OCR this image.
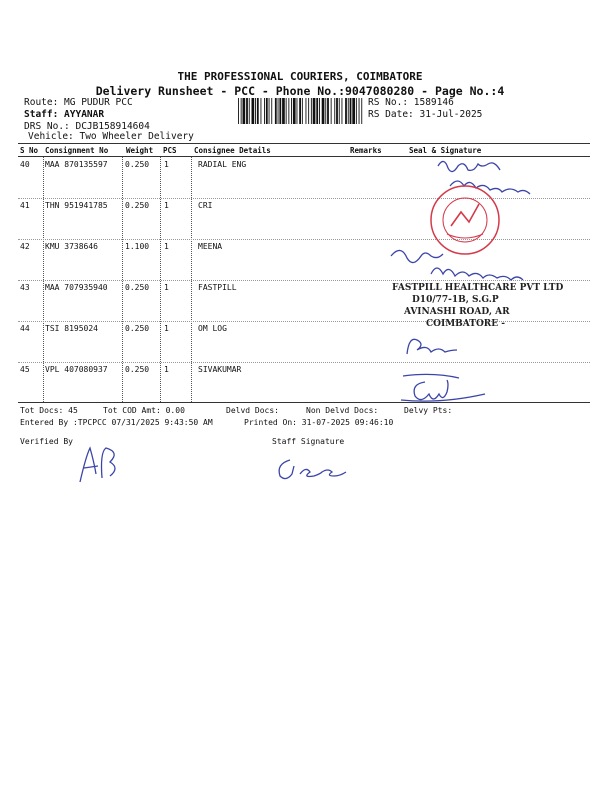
THE PROFESSIONAL COURIERS, COIMBATORE
Delivery Runsheet - PCC - Phone No.:9047080280 - Page No.:4
Route: MG PUDUR PCC
Staff: AYYANAR
DRS No.: DCJB158914604
Vehicle: Two Wheeler Delivery
RS No.: 1589146
RS Date: 31-Jul-2025
S No Consignment No Weight PCS Consignee Details	Remarks	Seal & Signature
40 MAA 870135597 0.250 1	RADIAL ENG
41 THN 951941785 0.250 1	CRI
42 KMU 3738646	1.100 1	MEENA
43 MAA 707935940 0.250 1	FASTPILL
44 TSI 8195024	0.250 1	OM LOG
45 VPL 407080937 0.250 1	SIVAKUMAR
FASTPILL HEALTHCARE PVT LTD
D10/77-1B, S.G.P
AVINASHI ROAD, AR
COIMBATORE -
Tot Docs: 45	Tot COD Amt: 0.00	Delvd Docs:	Non Delvd Docs:	Delvy Pts:
Entered By :TPCPCC 07/31/2025 9:43:50 AM	Printed On: 31-07-2025 09:46:10
Verified By	Staff Signature
